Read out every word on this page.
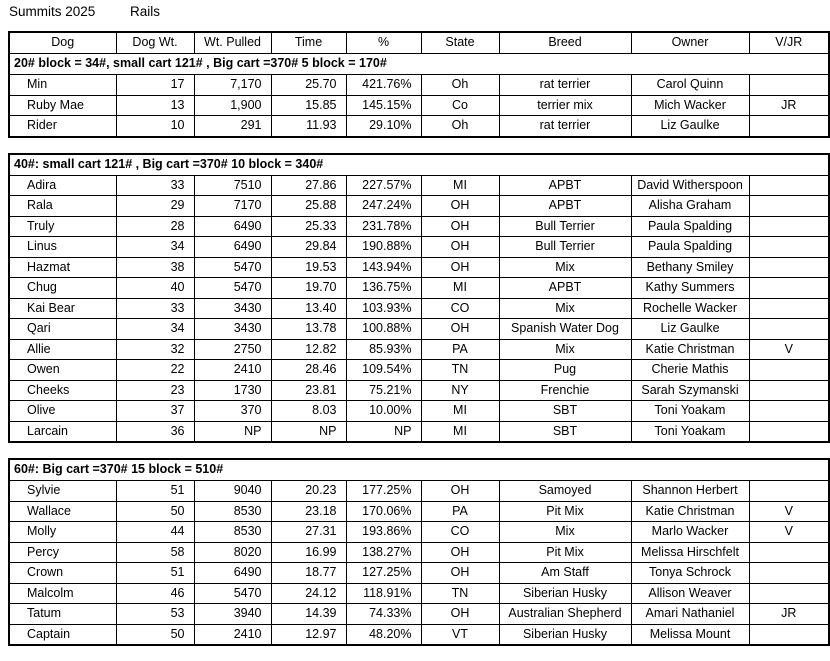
Summits 2025	Rails
Dog	Dog Wt.	Wt. Pulled	Time	%	State	Breed	Owner	V/JR
20# block = 34#, small cart 121# , Big cart =370# 5 block = 170#								
Min	17	7,170	25.70	421.76%	Oh	rat terrier	Carol Quinn	
Ruby Mae	13	1,900	15.85	145.15%	Co	terrier mix	Mich Wacker	JR
Rider	10	291	11.93	29.10%	Oh	rat terrier	Liz Gaulke	
40#: small cart 121# , Big cart =370# 10 block = 340#								
Adira	33	7510	27.86	227.57%	MI	APBT	David Witherspoon	
Rala	29	7170	25.88	247.24%	OH	APBT	Alisha Graham	
Truly	28	6490	25.33	231.78%	OH	Bull Terrier	Paula Spalding	
Linus	34	6490	29.84	190.88%	OH	Bull Terrier	Paula Spalding	
Hazmat	38	5470	19.53	143.94%	OH	Mix	Bethany Smiley	
Chug	40	5470	19.70	136.75%	MI	APBT	Kathy Summers	
Kai Bear	33	3430	13.40	103.93%	CO	Mix	Rochelle Wacker	
Qari	34	3430	13.78	100.88%	OH	Spanish Water Dog	Liz Gaulke	
Allie	32	2750	12.82	85.93%	PA	Mix	Katie Christman	V
Owen	22	2410	28.46	109.54%	TN	Pug	Cherie Mathis	
Cheeks	23	1730	23.81	75.21%	NY	Frenchie	Sarah Szymanski	
Olive	37	370	8.03	10.00%	MI	SBT	Toni Yoakam	
Larcain	36	NP	NP	NP	MI	SBT	Toni Yoakam	
60#: Big cart =370# 15 block = 510#								
Sylvie	51	9040	20.23	177.25%	OH	Samoyed	Shannon Herbert	
Wallace	50	8530	23.18	170.06%	PA	Pit Mix	Katie Christman	V
Molly	44	8530	27.31	193.86%	CO	Mix	Marlo Wacker	V
Percy	58	8020	16.99	138.27%	OH	Pit Mix	Melissa Hirschfelt	
Crown	51	6490	18.77	127.25%	OH	Am Staff	Tonya Schrock	
Malcolm	46	5470	24.12	118.91%	TN	Siberian Husky	Allison Weaver	
Tatum	53	3940	14.39	74.33%	OH	Australian Shepherd	Amari Nathaniel	JR
Captain	50	2410	12.97	48.20%	VT	Siberian Husky	Melissa Mount	
